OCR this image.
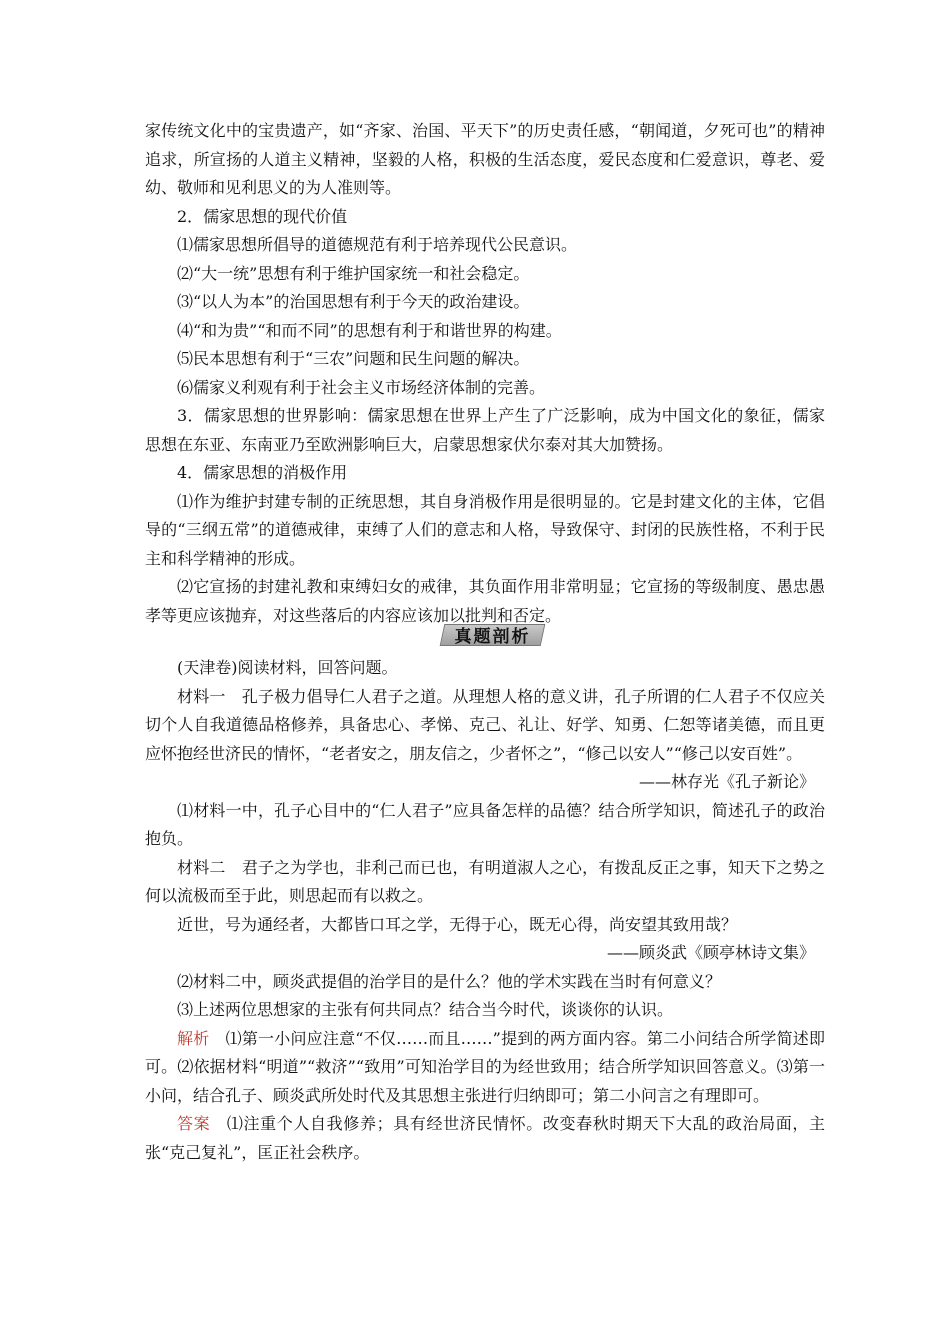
家传统文化中的宝贵遗产，如“齐家、治国、平天下”的历史责任感，“朝闻道，夕死可也”的精神追求，所宣扬的人道主义精神，坚毅的人格，积极的生活态度，爱民态度和仁爱意识，尊老、爱幼、敬师和见利思义的为人准则等。

2．儒家思想的现代价值

⑴儒家思想所倡导的道德规范有利于培养现代公民意识。

⑵“大一统”思想有利于维护国家统一和社会稳定。

⑶“以人为本”的治国思想有利于今天的政治建设。

⑷“和为贵”“和而不同”的思想有利于和谐世界的构建。

⑸民本思想有利于“三农”问题和民生问题的解决。

⑹儒家义利观有利于社会主义市场经济体制的完善。

3．儒家思想的世界影响：儒家思想在世界上产生了广泛影响，成为中国文化的象征，儒家思想在东亚、东南亚乃至欧洲影响巨大，启蒙思想家伏尔泰对其大加赞扬。

4．儒家思想的消极作用

⑴作为维护封建专制的正统思想，其自身消极作用是很明显的。它是封建文化的主体，它倡导的“三纲五常”的道德戒律，束缚了人们的意志和人格，导致保守、封闭的民族性格，不利于民主和科学精神的形成。

⑵它宣扬的封建礼教和束缚妇女的戒律，其负面作用非常明显；它宣扬的等级制度、愚忠愚孝等更应该抛弃，对这些落后的内容应该加以批判和否定。

真题剖析

(天津卷)阅读材料，回答问题。

材料一　孔子极力倡导仁人君子之道。从理想人格的意义讲，孔子所谓的仁人君子不仅应关切个人自我道德品格修养，具备忠心、孝悌、克己、礼让、好学、知勇、仁恕等诸美德，而且更应怀抱经世济民的情怀，“老者安之，朋友信之，少者怀之”，“修己以安人”“修己以安百姓”。

——林存光《孔子新论》

⑴材料一中，孔子心目中的“仁人君子”应具备怎样的品德？结合所学知识，简述孔子的政治抱负。

材料二　君子之为学也，非利己而已也，有明道淑人之心，有拨乱反正之事，知天下之势之何以流极而至于此，则思起而有以救之。

近世，号为通经者，大都皆口耳之学，无得于心，既无心得，尚安望其致用哉？

——顾炎武《顾亭林诗文集》

⑵材料二中，顾炎武提倡的治学目的是什么？他的学术实践在当时有何意义？

⑶上述两位思想家的主张有何共同点？结合当今时代，谈谈你的认识。

解析　⑴第一小问应注意“不仅……而且……”提到的两方面内容。第二小问结合所学简述即可。⑵依据材料“明道”“救济”“致用”可知治学目的为经世致用；结合所学知识回答意义。⑶第一小问，结合孔子、顾炎武所处时代及其思想主张进行归纳即可；第二小问言之有理即可。

答案　⑴注重个人自我修养；具有经世济民情怀。改变春秋时期天下大乱的政治局面，主张“克己复礼”，匡正社会秩序。
